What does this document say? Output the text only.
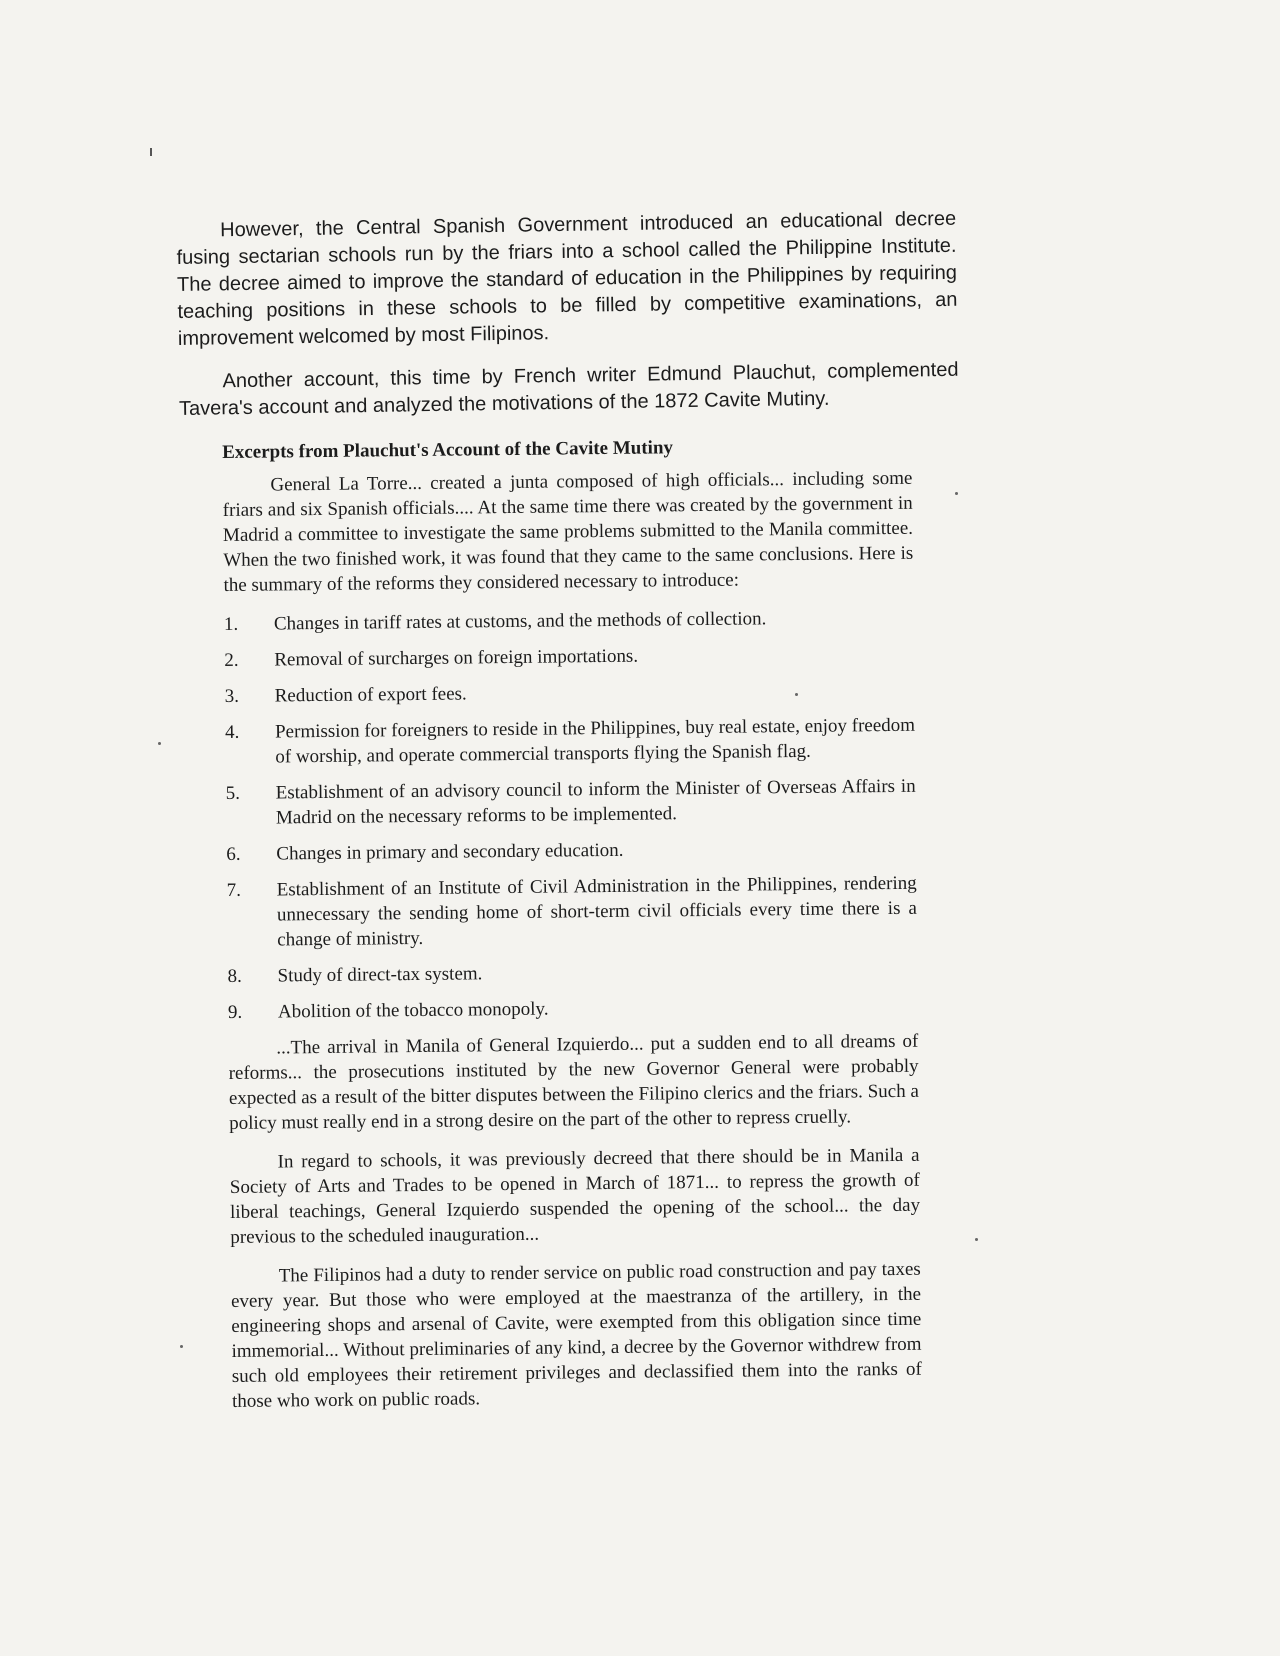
However, the Central Spanish Government introduced an educational decree fusing sectarian schools run by the friars into a school called the Philippine Institute. The decree aimed to improve the standard of education in the Philippines by requiring teaching positions in these schools to be filled by competitive examinations, an improvement welcomed by most Filipinos.

Another account, this time by French writer Edmund Plauchut, complemented Tavera's account and analyzed the motivations of the 1872 Cavite Mutiny.

Excerpts from Plauchut's Account of the Cavite Mutiny

General La Torre... created a junta composed of high officials... including some friars and six Spanish officials.... At the same time there was created by the government in Madrid a committee to investigate the same problems submitted to the Manila committee. When the two finished work, it was found that they came to the same conclusions. Here is the summary of the reforms they considered necessary to introduce:

1.	Changes in tariff rates at customs, and the methods of collection.
2.	Removal of surcharges on foreign importations.
3.	Reduction of export fees.
4.	Permission for foreigners to reside in the Philippines, buy real estate, enjoy freedom of worship, and operate commercial transports flying the Spanish flag.
5.	Establishment of an advisory council to inform the Minister of Overseas Affairs in Madrid on the necessary reforms to be implemented.
6.	Changes in primary and secondary education.
7.	Establishment of an Institute of Civil Administration in the Philippines, rendering unnecessary the sending home of short-term civil officials every time there is a change of ministry.
8.	Study of direct-tax system.
9.	Abolition of the tobacco monopoly.

...The arrival in Manila of General Izquierdo... put a sudden end to all dreams of reforms... the prosecutions instituted by the new Governor General were probably expected as a result of the bitter disputes between the Filipino clerics and the friars. Such a policy must really end in a strong desire on the part of the other to repress cruelly.

In regard to schools, it was previously decreed that there should be in Manila a Society of Arts and Trades to be opened in March of 1871... to repress the growth of liberal teachings, General Izquierdo suspended the opening of the school... the day previous to the scheduled inauguration...

The Filipinos had a duty to render service on public road construction and pay taxes every year. But those who were employed at the maestranza of the artillery, in the engineering shops and arsenal of Cavite, were exempted from this obligation since time immemorial... Without preliminaries of any kind, a decree by the Governor withdrew from such old employees their retirement privileges and declassified them into the ranks of those who work on public roads.
